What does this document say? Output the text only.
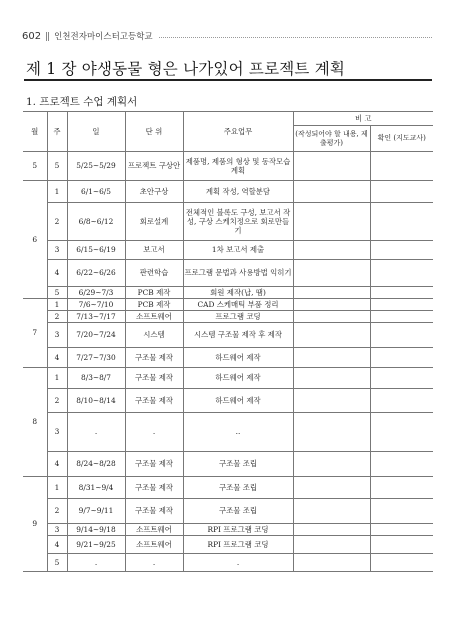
602 인천전자마이스터고등학교
제 1 장 야생동물 형은 나가있어 프로젝트 계획
1. 프로젝트 수업 계획서
월	주	일	단 위	주요업무	비 고	
					(작성되어야 할 내용, 제출평가)	확인 (지도교사)
5	5	5/25~5/29	프로젝트 구상안	제품명, 제품의 형상 및 동작모습 계획		
6	1	6/1~6/5	초안구상	계획 작성, 역할분담		
	2	6/8~6/12	회로설계	전체적인 블록도 구성, 보고서 작성, 구상 스케치정으로 회로만들기		
	3	6/15~6/19	보고서	1차 보고서 제출		
	4	6/22~6/26	판련학습	프로그램 문법과 사용방법 익히기		
	5	6/29~7/3	PCB 제작	회원 제작(납, 땜)		
7	1	7/6~7/10	PCB 제작	CAD 스케매틱 부품 정리		
	2	7/13~7/17	소프트웨어	프로그램 코딩		
	3	7/20~7/24	시스템	시스템 구조물 제작 후 제작		
	4	7/27~7/30	구조물 제작	하드웨어 제작		
8	1	8/3~8/7	구조물 제작	하드웨어 제작		
	2	8/10~8/14	구조물 제작	하드웨어 제작		
	3	.	.	..		
	4	8/24~8/28	구조물 제작	구조물 조립		
9	1	8/31~9/4	구조물 제작	구조물 조립		
	2	9/7~9/11	구조물 제작	구조물 조립		
	3	9/14~9/18	소프트웨어	RPI 프로그램 코딩		
	4	9/21~9/25	소프트웨어	RPI 프로그램 코딩		
	5	.	.	.		
